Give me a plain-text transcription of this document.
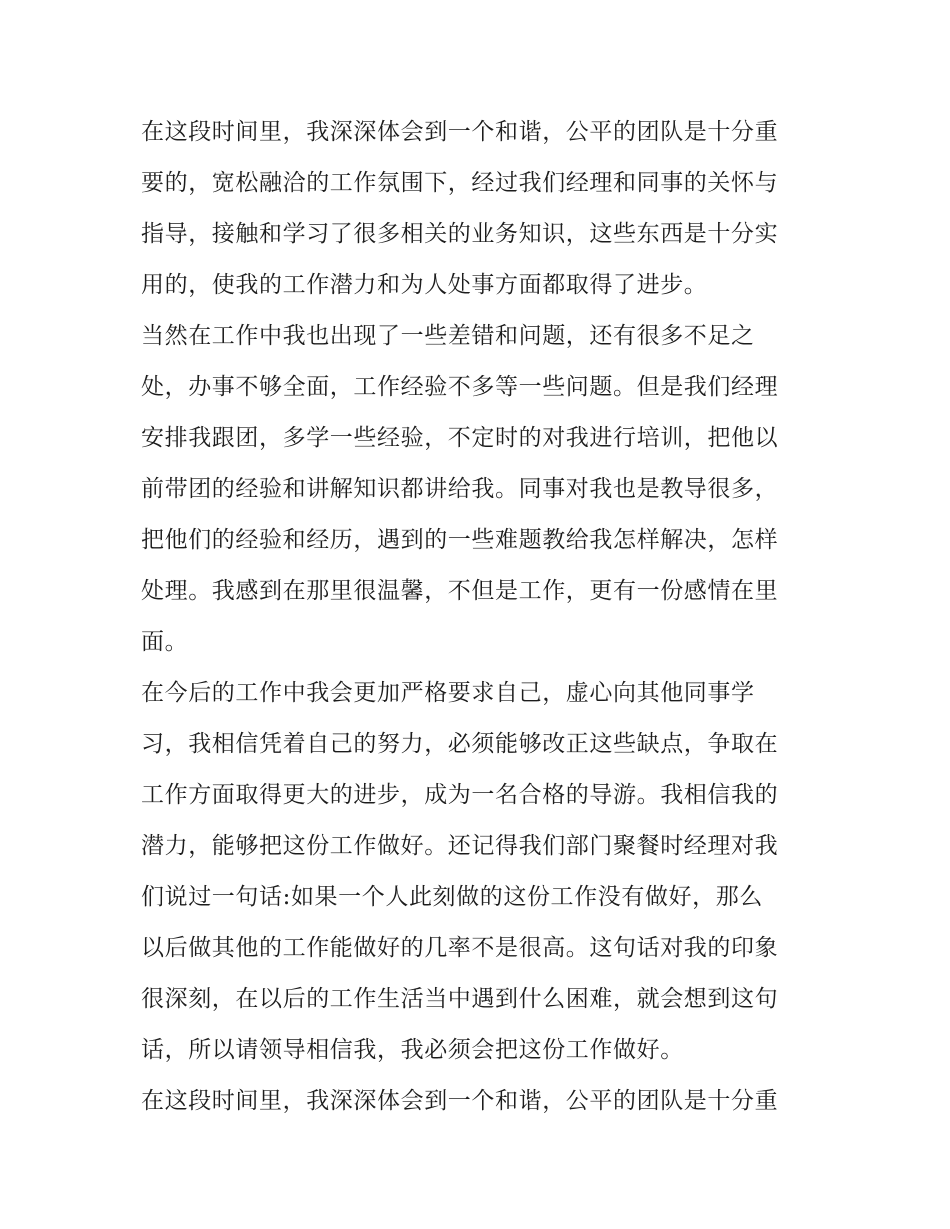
在这段时间里，我深深体会到一个和谐，公平的团队是十分重
要的，宽松融洽的工作氛围下，经过我们经理和同事的关怀与
指导，接触和学习了很多相关的业务知识，这些东西是十分实
用的，使我的工作潜力和为人处事方面都取得了进步。
当然在工作中我也出现了一些差错和问题，还有很多不足之
处，办事不够全面，工作经验不多等一些问题。但是我们经理
安排我跟团，多学一些经验，不定时的对我进行培训，把他以
前带团的经验和讲解知识都讲给我。同事对我也是教导很多，
把他们的经验和经历，遇到的一些难题教给我怎样解决，怎样
处理。我感到在那里很温馨，不但是工作，更有一份感情在里
面。
在今后的工作中我会更加严格要求自己，虚心向其他同事学
习，我相信凭着自己的努力，必须能够改正这些缺点，争取在
工作方面取得更大的进步，成为一名合格的导游。我相信我的
潜力，能够把这份工作做好。还记得我们部门聚餐时经理对我
们说过一句话:如果一个人此刻做的这份工作没有做好，那么
以后做其他的工作能做好的几率不是很高。这句话对我的印象
很深刻，在以后的工作生活当中遇到什么困难，就会想到这句
话，所以请领导相信我，我必须会把这份工作做好。
在这段时间里，我深深体会到一个和谐，公平的团队是十分重
